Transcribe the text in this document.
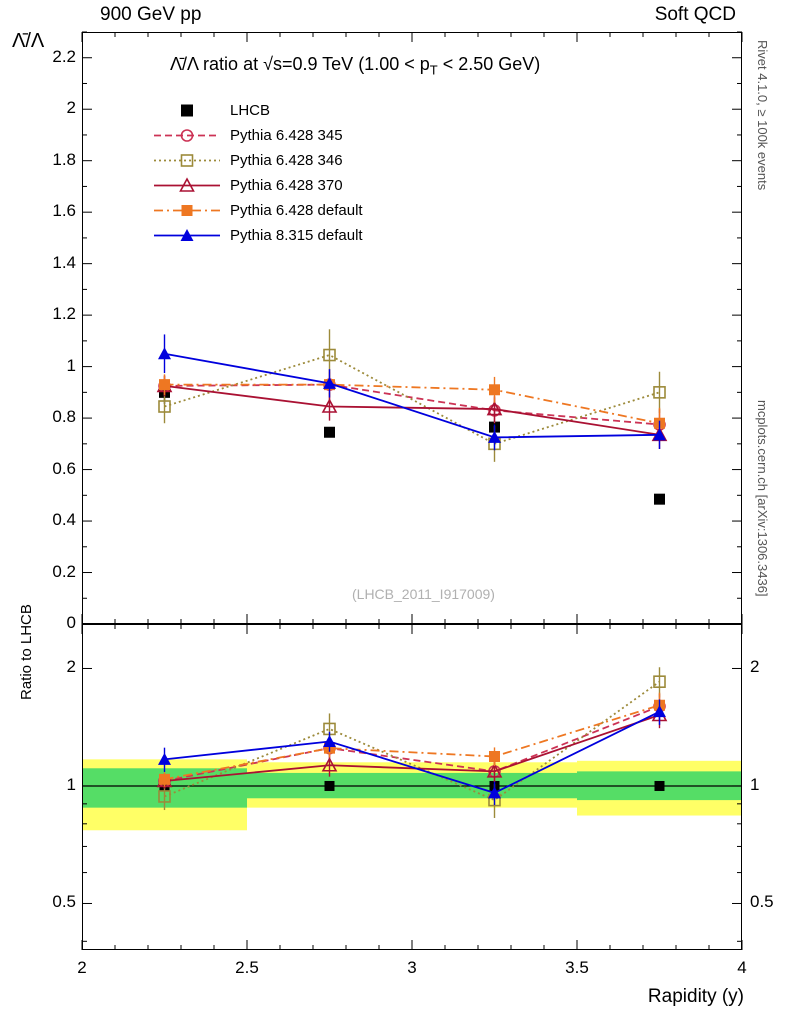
900 GeV pp	Soft QCD
Rivet 4.1.0, ≥ 100k events
mcplots.cern.ch [arXiv:1306.3436]
Λ̄/Λ
Ratio to LHCB
Rapidity (y)
Λ̄/Λ ratio at √s=0.9 TeV ($1.00 < p_T < 2.50$ GeV)
(LHCB_2011_I917009)
0
0.2
0.4
0.6
0.8
1
1.2
1.4
1.6
1.8
2
2.2
0.5
1
2
0.5
1
2
2	2.5	3	3.5	4
LHCB
Pythia 6.428 345
Pythia 6.428 346
Pythia 6.428 370
Pythia 6.428 default
Pythia 8.315 default
